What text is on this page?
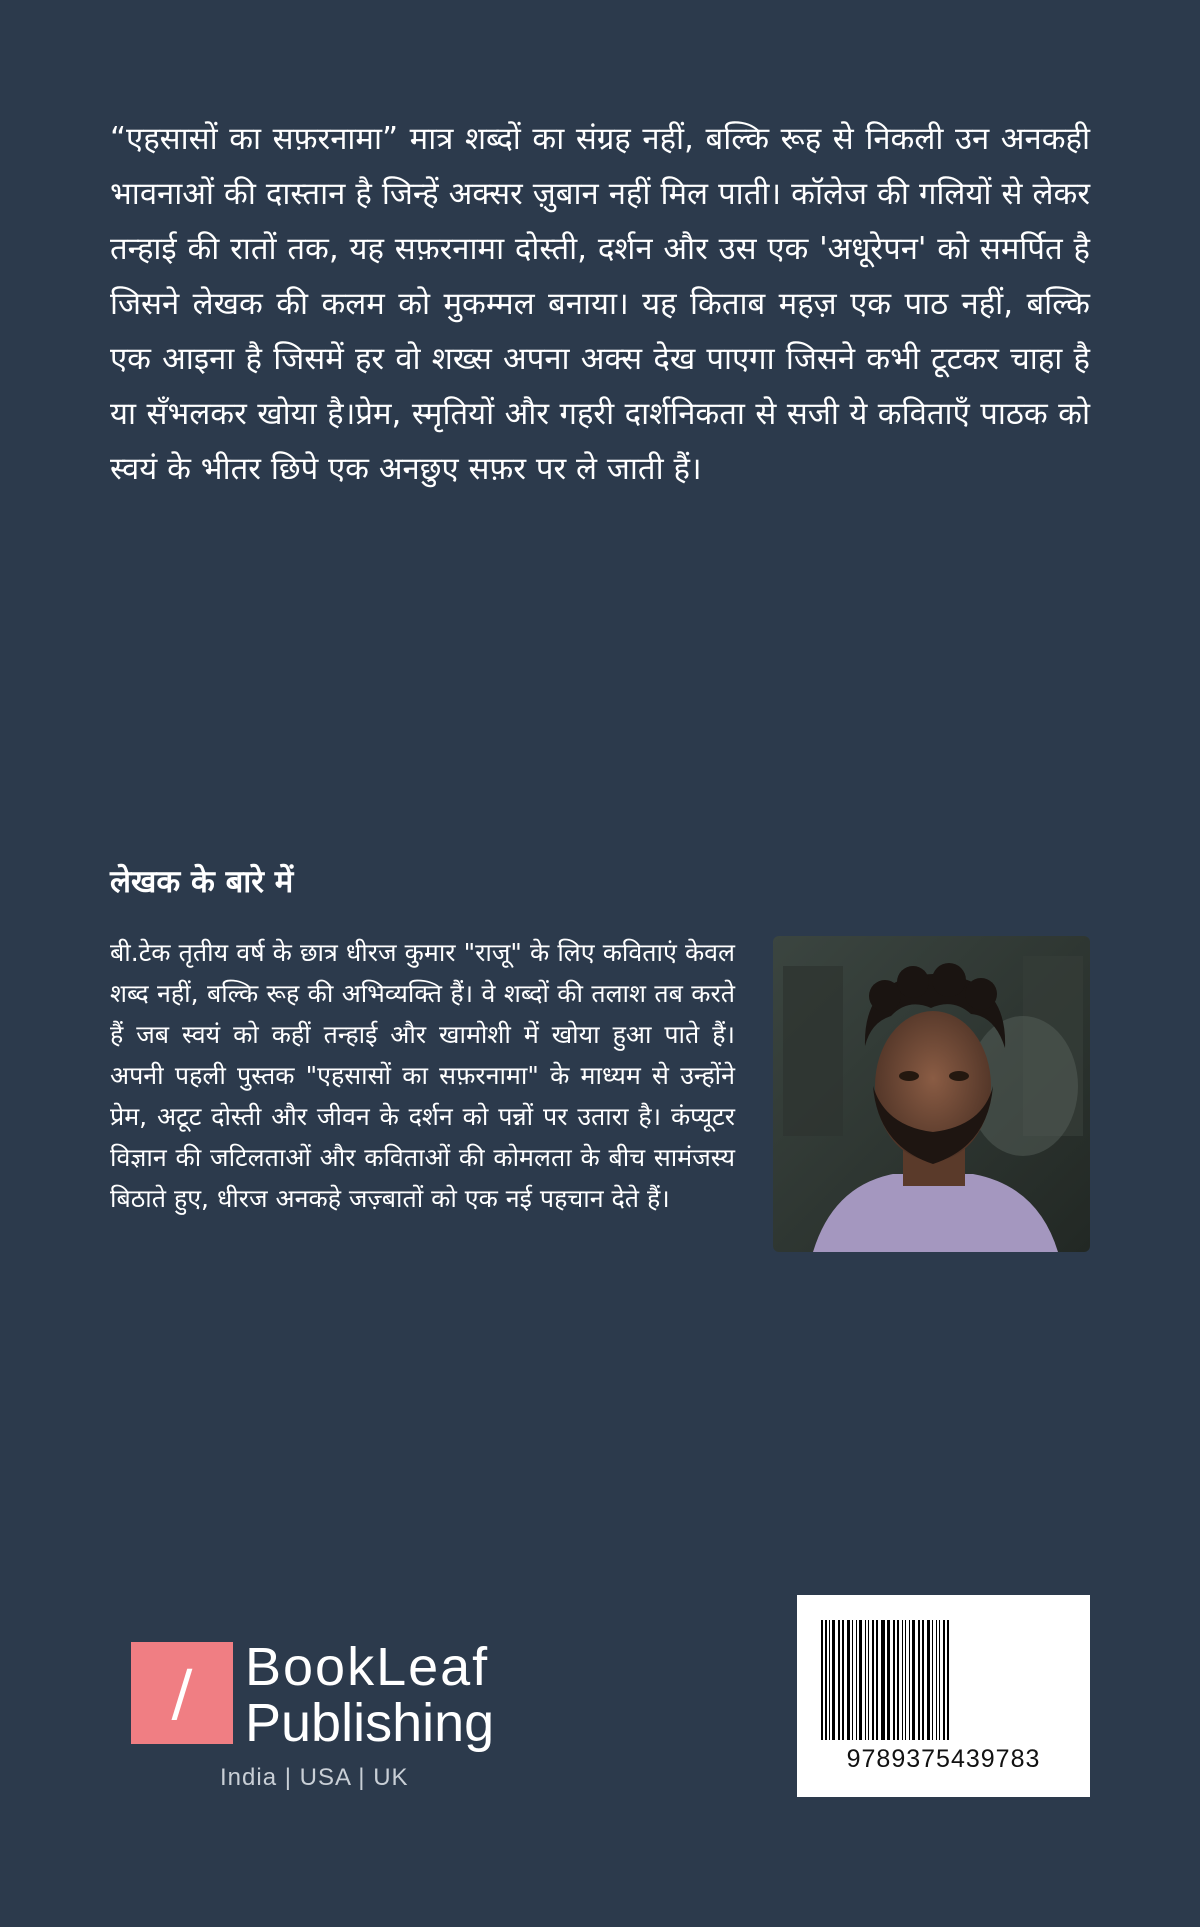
“एहसासों का सफ़रनामा” मात्र शब्दों का संग्रह नहीं, बल्कि रूह से निकली उन अनकही भावनाओं की दास्तान है जिन्हें अक्सर ज़ुबान नहीं मिल पाती। कॉलेज की गलियों से लेकर तन्हाई की रातों तक, यह सफ़रनामा दोस्ती, दर्शन और उस एक 'अधूरेपन' को समर्पित है जिसने लेखक की कलम को मुकम्मल बनाया। यह किताब महज़ एक पाठ नहीं, बल्कि एक आइना है जिसमें हर वो शख्स अपना अक्स देख पाएगा जिसने कभी टूटकर चाहा है या सँभलकर खोया है।प्रेम, स्मृतियों और गहरी दार्शनिकता से सजी ये कविताएँ पाठक को स्वयं के भीतर छिपे एक अनछुए सफ़र पर ले जाती हैं।

लेखक के बारे में

बी.टेक तृतीय वर्ष के छात्र धीरज कुमार "राजू" के लिए कविताएं केवल शब्द नहीं, बल्कि रूह की अभिव्यक्ति हैं। वे शब्दों की तलाश तब करते हैं जब स्वयं को कहीं तन्हाई और खामोशी में खोया हुआ पाते हैं। अपनी पहली पुस्तक "एहसासों का सफ़रनामा" के माध्यम से उन्होंने प्रेम, अटूट दोस्ती और जीवन के दर्शन को पन्नों पर उतारा है। कंप्यूटर विज्ञान की जटिलताओं और कविताओं की कोमलता के बीच सामंजस्य बिठाते हुए, धीरज अनकहे जज़्बातों को एक नई पहचान देते हैं।

/ BookLeaf
Publishing
India | USA | UK
9789375439783
